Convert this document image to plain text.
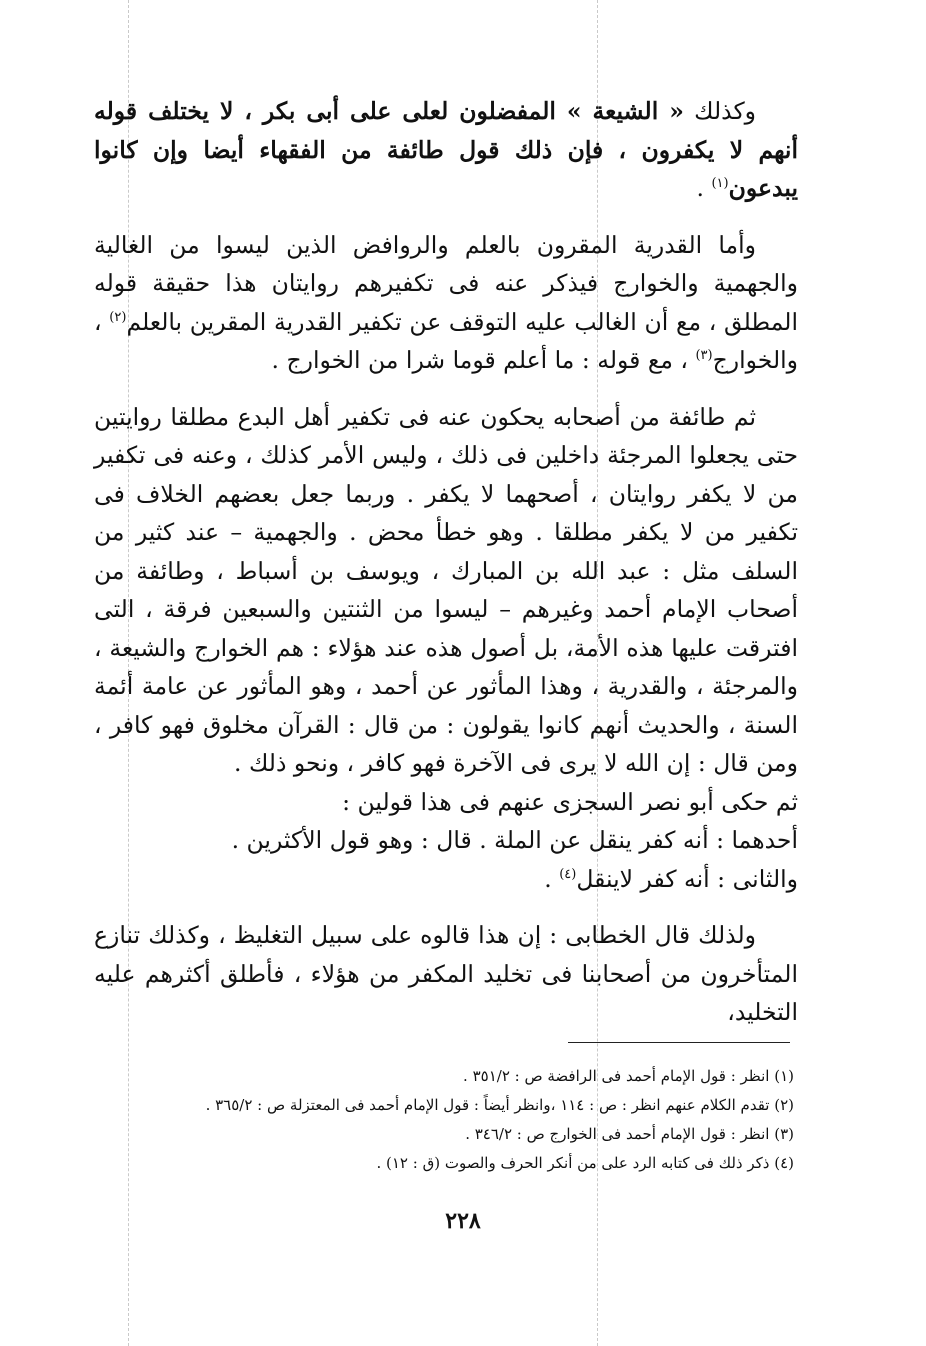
وكذلك « الشيعة » المفضلون لعلى على أبى بكر ، لا يختلف قوله أنهم لا يكفرون ، فإن ذلك قول طائفة من الفقهاء أيضا وإن كانوا يبدعون$^{(١)}$ .

وأما القدرية المقرون بالعلم والروافض الذين ليسوا من الغالية والجهمية والخوارج فيذكر عنه فى تكفيرهم روايتان هذا حقيقة قوله المطلق ، مع أن الغالب عليه التوقف عن تكفير القدرية المقرين بالعلم$^{(٢)}$ ، والخوارج$^{(٣)}$ ، مع قوله : ما أعلم قوما شرا من الخوارج .

ثم طائفة من أصحابه يحكون عنه فى تكفير أهل البدع مطلقا روايتين حتى يجعلوا المرجئة داخلين فى ذلك ، وليس الأمر كذلك ، وعنه فى تكفير من لا يكفر روايتان ، أصحهما لا يكفر . وربما جعل بعضهم الخلاف فى تكفير من لا يكفر مطلقا . وهو خطأ محض . والجهمية – عند كثير من السلف مثل : عبد الله بن المبارك ، ويوسف بن أسباط ، وطائفة من أصحاب الإمام أحمد وغيرهم – ليسوا من الثنتين والسبعين فرقة ، التى افترقت عليها هذه الأمة، بل أصول هذه عند هؤلاء : هم الخوارج والشيعة ، والمرجئة ، والقدرية ، وهذا المأثور عن أحمد ، وهو المأثور عن عامة أئمة السنة ، والحديث أنهم كانوا يقولون : من قال : القرآن مخلوق فهو كافر ، ومن قال : إن الله لا يرى فى الآخرة فهو كافر ، ونحو ذلك .

ثم حكى أبو نصر السجزى عنهم فى هذا قولين :
أحدهما : أنه كفر ينقل عن الملة . قال : وهو قول الأكثرين .
والثانى : أنه كفر لاينقل$^{(٤)}$ .

ولذلك قال الخطابى : إن هذا قالوه على سبيل التغليظ ، وكذلك تنازع المتأخرون من أصحابنا فى تخليد المكفر من هؤلاء ، فأطلق أكثرهم عليه التخليد،

(١) انظر : قول الإمام أحمد فى الرافضة ص : ٣٥١/٢ .
(٢) تقدم الكلام عنهم انظر : ص : ١١٤ ،وانظر أيضاً : قول الإمام أحمد فى المعتزلة ص : ٣٦٥/٢ .
(٣) انظر : قول الإمام أحمد فى الخوارج ص : ٣٤٦/٢ .
(٤) ذكر ذلك فى كتابه الرد على من أنكر الحرف والصوت (ق : ١٢) .
٢٢٨
